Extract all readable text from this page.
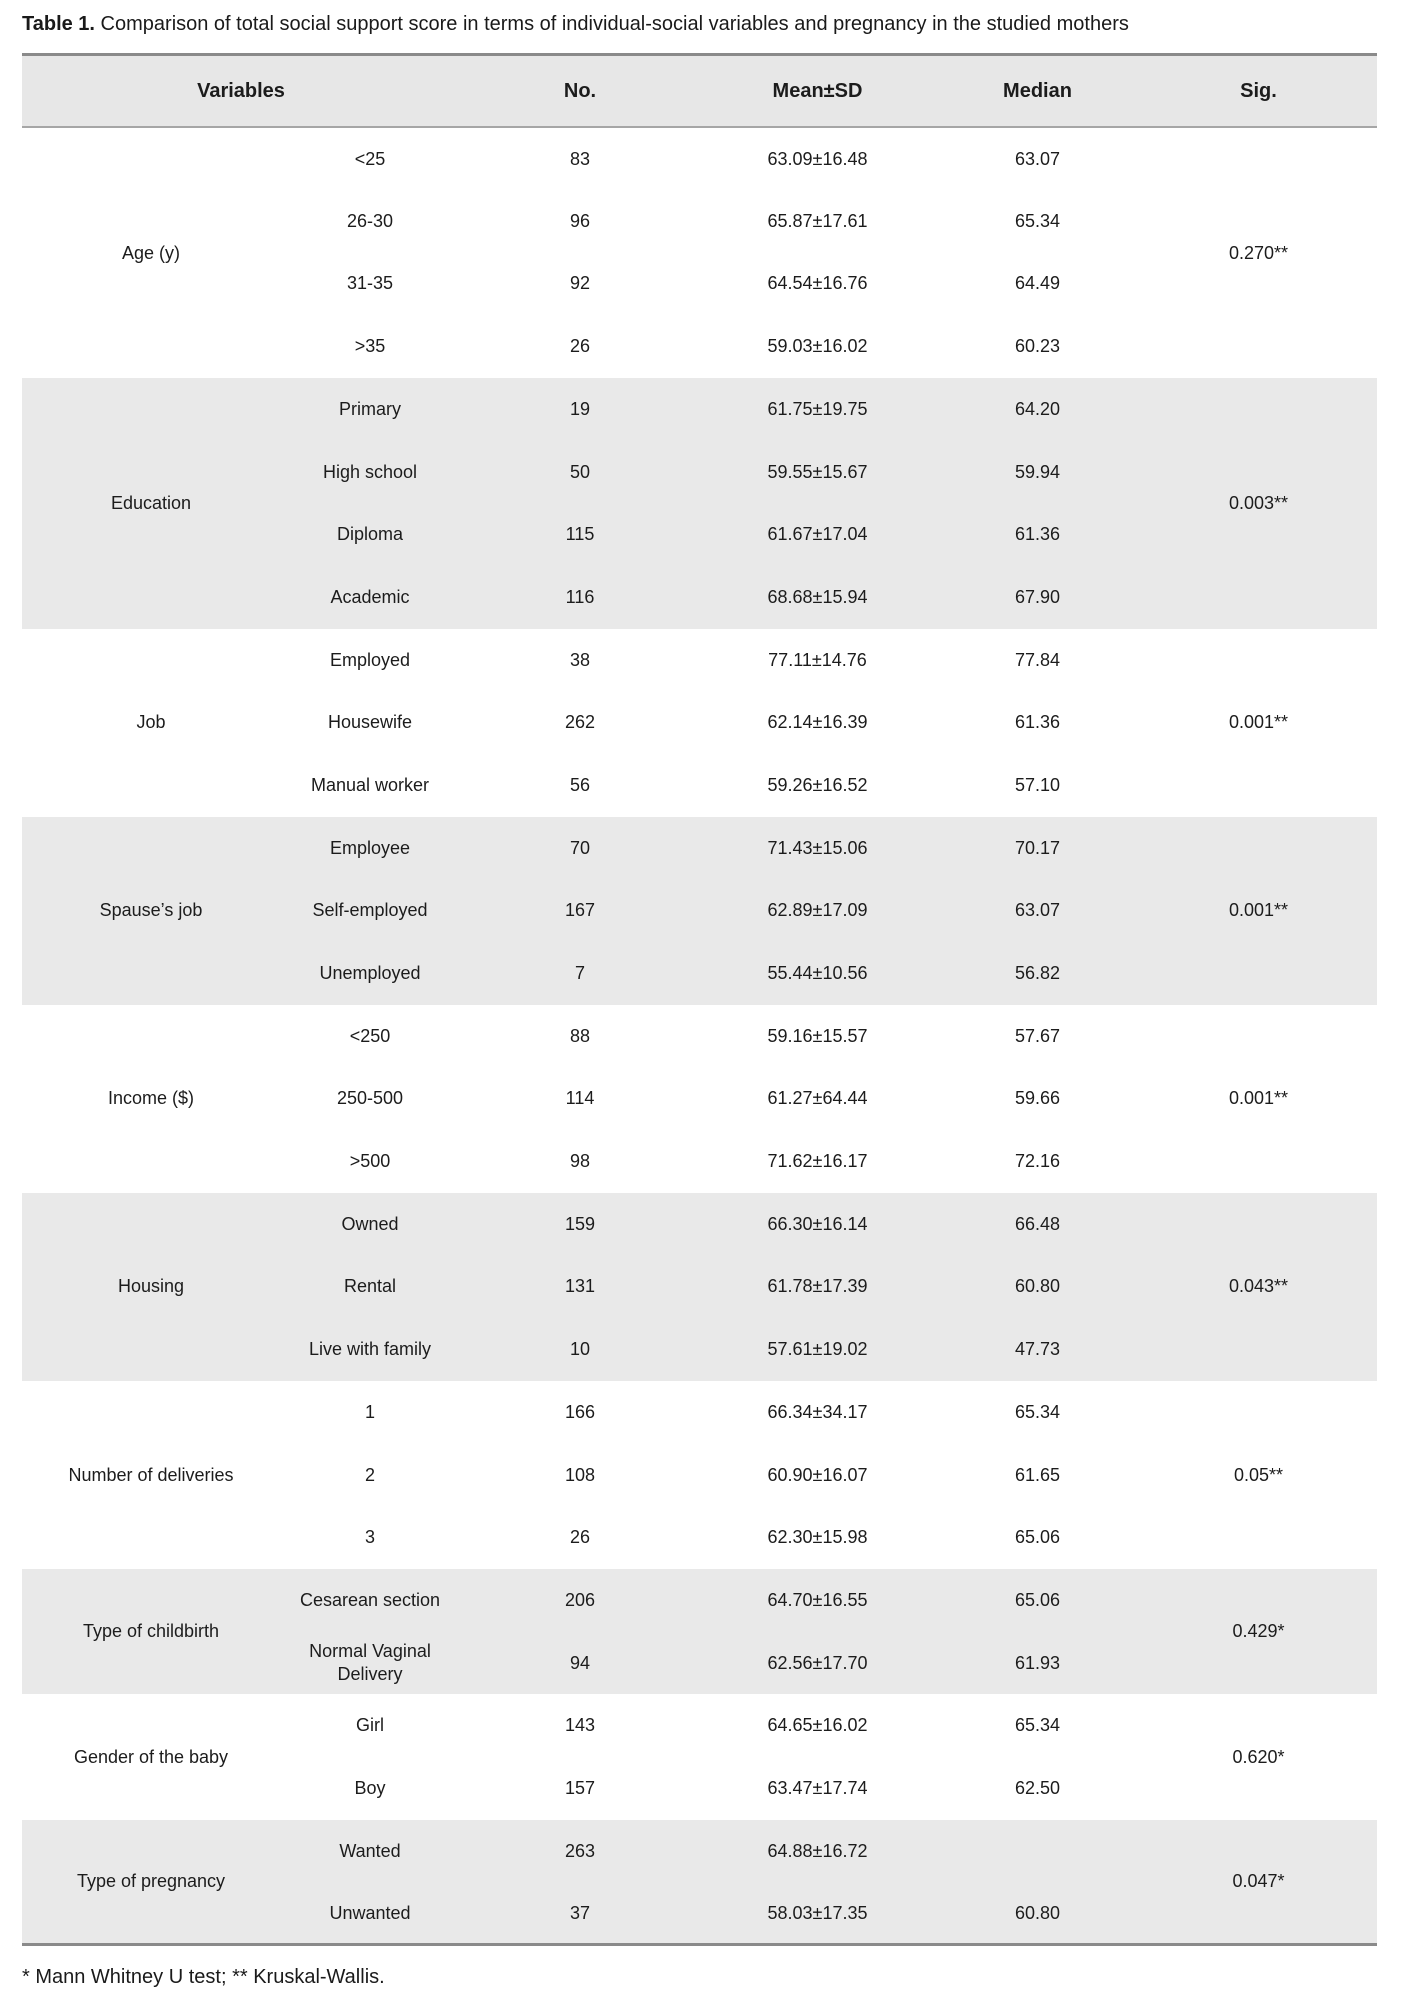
Table 1. Comparison of total social support score in terms of individual-social variables and pregnancy in the studied mothers

Variables		No.	Mean±SD	Median	Sig.
Age (y)	<25	83	63.09±16.48	63.07	0.270**
	26-30	96	65.87±17.61	65.34	
	31-35	92	64.54±16.76	64.49	
	>35	26	59.03±16.02	60.23	
Education	Primary	19	61.75±19.75	64.20	0.003**
	High school	50	59.55±15.67	59.94	
	Diploma	115	61.67±17.04	61.36	
	Academic	116	68.68±15.94	67.90	
Job	Employed	38	77.11±14.76	77.84	0.001**
	Housewife	262	62.14±16.39	61.36	
	Manual worker	56	59.26±16.52	57.10	
Spause’s job	Employee	70	71.43±15.06	70.17	0.001**
	Self-employed	167	62.89±17.09	63.07	
	Unemployed	7	55.44±10.56	56.82	
Income ($)	<250	88	59.16±15.57	57.67	0.001**
	250-500	114	61.27±64.44	59.66	
	>500	98	71.62±16.17	72.16	
Housing	Owned	159	66.30±16.14	66.48	0.043**
	Rental	131	61.78±17.39	60.80	
	Live with family	10	57.61±19.02	47.73	
Number of deliveries	1	166	66.34±34.17	65.34	0.05**
	2	108	60.90±16.07	61.65	
	3	26	62.30±15.98	65.06	
Type of childbirth	Cesarean section	206	64.70±16.55	65.06	0.429*
	Normal Vaginal Delivery	94	62.56±17.70	61.93	
Gender of the baby	Girl	143	64.65±16.02	65.34	0.620*
	Boy	157	63.47±17.74	62.50	
Type of pregnancy	Wanted	263	64.88±16.72		0.047*
	Unwanted	37	58.03±17.35	60.80	

* Mann Whitney U test; ** Kruskal-Wallis.
